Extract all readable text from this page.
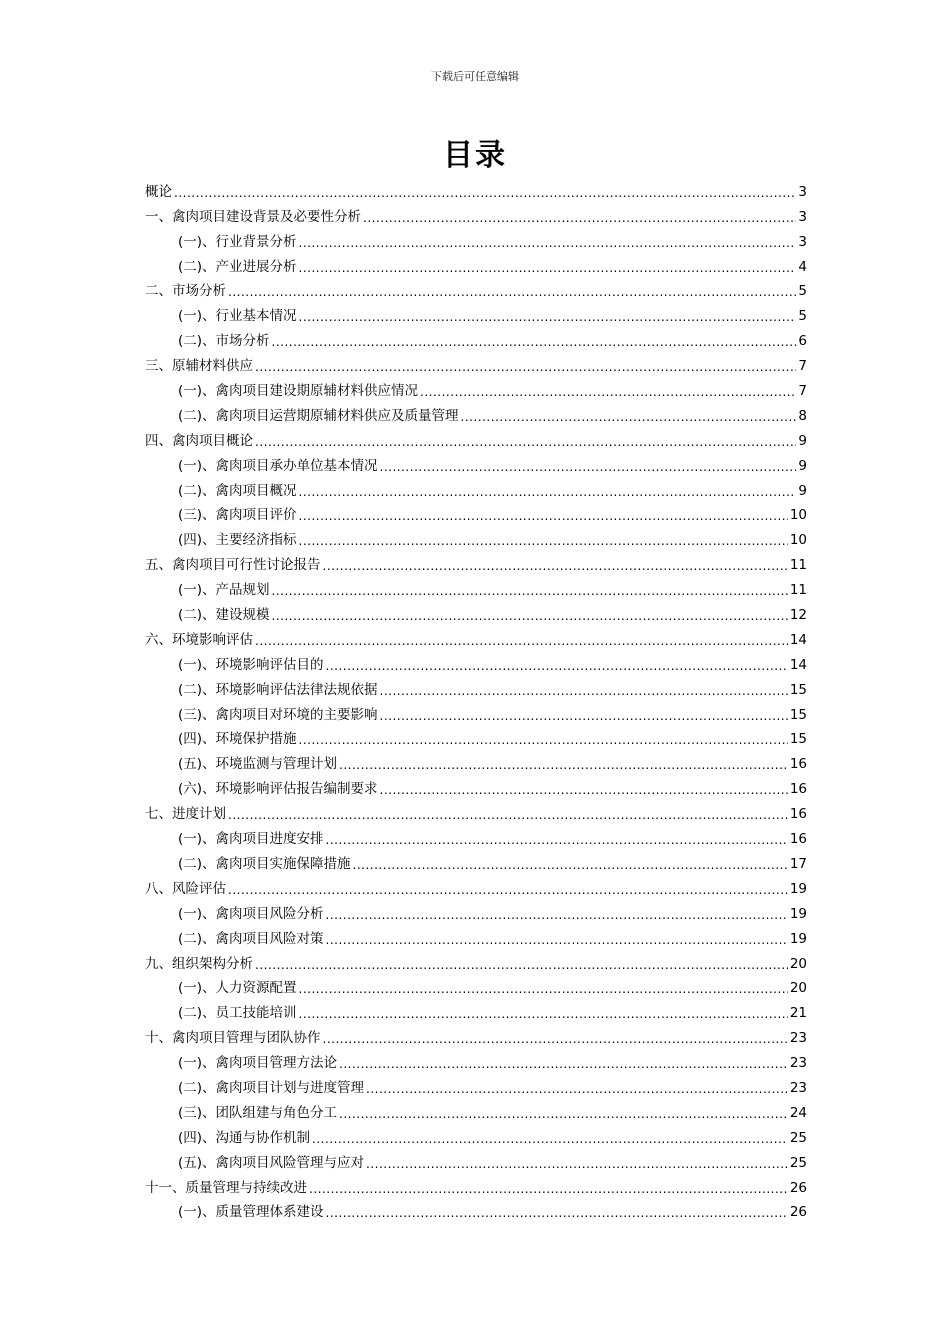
下载后可任意编辑
目录
概论 .....	3
一、禽肉项目建设背景及必要性分析 .....	3
(一)、行业背景分析 .....	3
(二)、产业进展分析 .....	4
二、市场分析 .....	5
(一)、行业基本情况 .....	5
(二)、市场分析 .....	6
三、原辅材料供应 .....	7
(一)、禽肉项目建设期原辅材料供应情况 .....	7
(二)、禽肉项目运营期原辅材料供应及质量管理 .....	8
四、禽肉项目概论 .....	9
(一)、禽肉项目承办单位基本情况 .....	9
(二)、禽肉项目概况 .....	9
(三)、禽肉项目评价 .....	10
(四)、主要经济指标 .....	10
五、禽肉项目可行性讨论报告 .....	11
(一)、产品规划 .....	11
(二)、建设规模 .....	12
六、环境影响评估 .....	14
(一)、环境影响评估目的 .....	14
(二)、环境影响评估法律法规依据 .....	15
(三)、禽肉项目对环境的主要影响 .....	15
(四)、环境保护措施 .....	15
(五)、环境监测与管理计划 .....	16
(六)、环境影响评估报告编制要求 .....	16
七、进度计划 .....	16
(一)、禽肉项目进度安排 .....	16
(二)、禽肉项目实施保障措施 .....	17
八、风险评估 .....	19
(一)、禽肉项目风险分析 .....	19
(二)、禽肉项目风险对策 .....	19
九、组织架构分析 .....	20
(一)、人力资源配置 .....	20
(二)、员工技能培训 .....	21
十、禽肉项目管理与团队协作 .....	23
(一)、禽肉项目管理方法论 .....	23
(二)、禽肉项目计划与进度管理 .....	23
(三)、团队组建与角色分工 .....	24
(四)、沟通与协作机制 .....	25
(五)、禽肉项目风险管理与应对 .....	25
十一、质量管理与持续改进 .....	26
(一)、质量管理体系建设 .....	26
